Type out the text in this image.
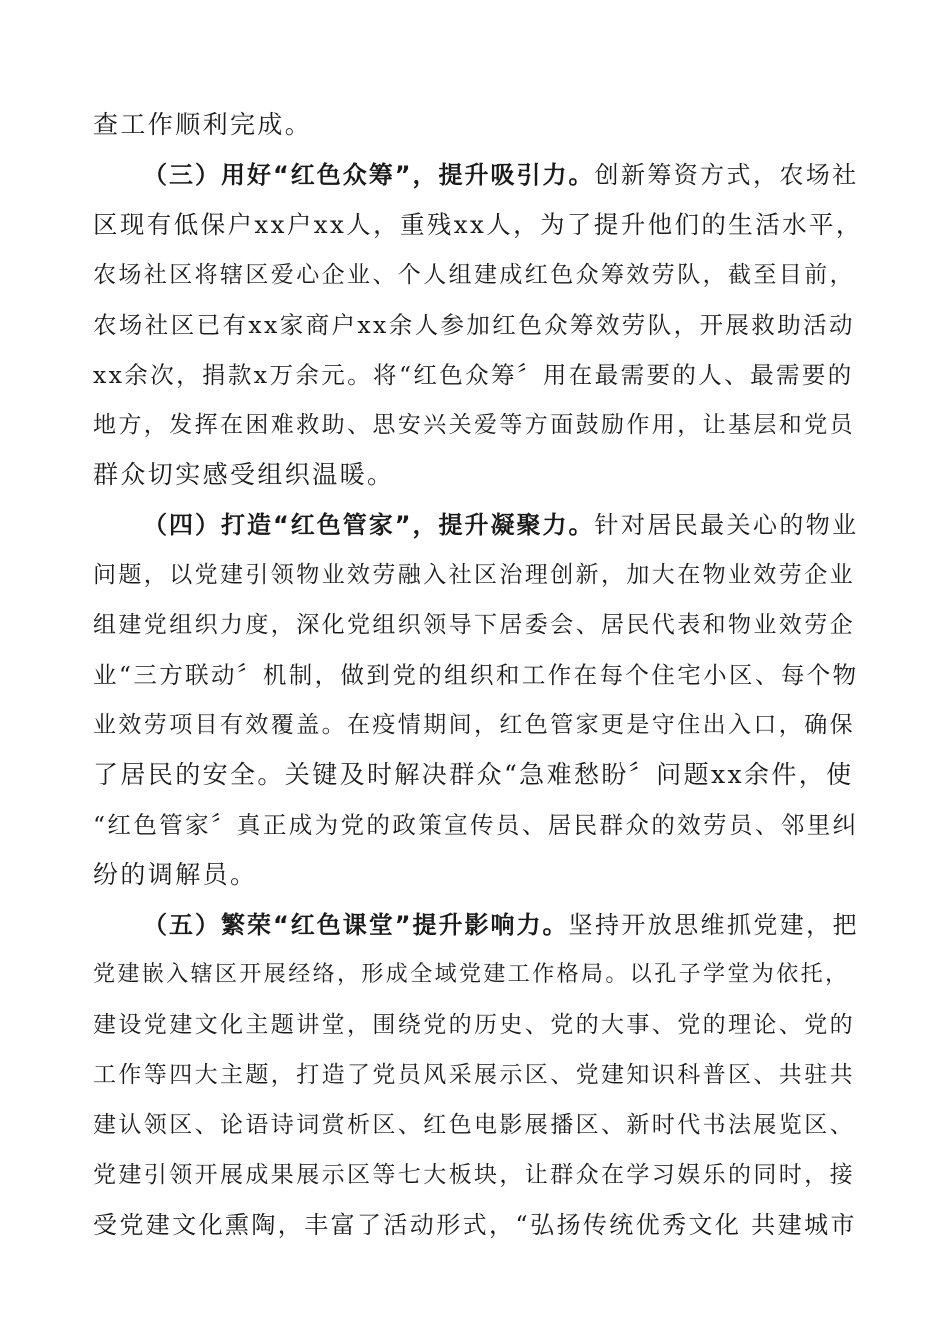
查工作顺利完成。
（三）用好“红色众筹”，提升吸引力。创新筹资方式，农场社
区现有低保户xx户xx人，重残xx人，为了提升他们的生活水平，
农场社区将辖区爱心企业、个人组建成红色众筹效劳队，截至目前，
农场社区已有xx家商户xx余人参加红色众筹效劳队，开展救助活动
xx余次，捐款x万余元。将“红色众筹〞用在最需要的人、最需要的
地方，发挥在困难救助、思安兴关爱等方面鼓励作用，让基层和党员
群众切实感受组织温暖。
（四）打造“红色管家”，提升凝聚力。针对居民最关心的物业
问题，以党建引领物业效劳融入社区治理创新，加大在物业效劳企业
组建党组织力度，深化党组织领导下居委会、居民代表和物业效劳企
业“三方联动〞机制，做到党的组织和工作在每个住宅小区、每个物
业效劳项目有效覆盖。在疫情期间，红色管家更是守住出入口，确保
了居民的安全。关键及时解决群众“急难愁盼〞问题xx余件，使
“红色管家〞真正成为党的政策宣传员、居民群众的效劳员、邻里纠
纷的调解员。
（五）繁荣“红色课堂”提升影响力。坚持开放思维抓党建，把
党建嵌入辖区开展经络，形成全域党建工作格局。以孔子学堂为依托，
建设党建文化主题讲堂，围绕党的历史、党的大事、党的理论、党的
工作等四大主题，打造了党员风采展示区、党建知识科普区、共驻共
建认领区、论语诗词赏析区、红色电影展播区、新时代书法展览区、
党建引领开展成果展示区等七大板块，让群众在学习娱乐的同时，接
受党建文化熏陶，丰富了活动形式，“弘扬传统优秀文化 共建城市
